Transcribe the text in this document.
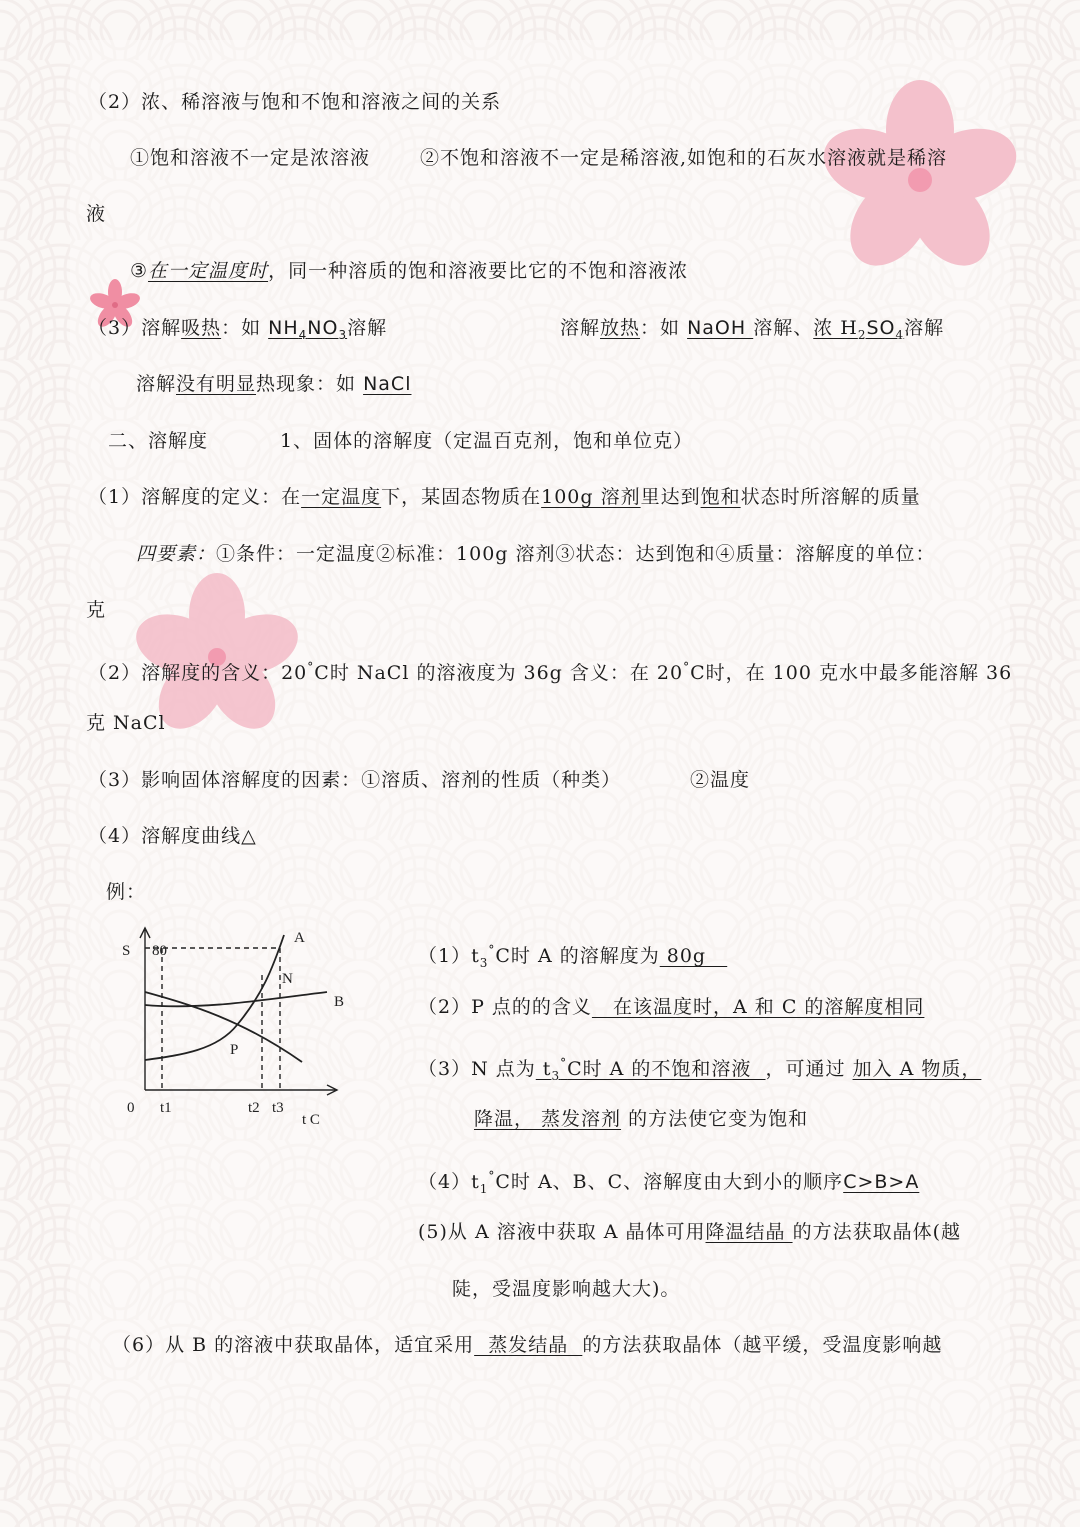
（2）浓、稀溶液与饱和不饱和溶液之间的关系
①饱和溶液不一定是浓溶液	②不饱和溶液不一定是稀溶液,如饱和的石灰水溶液就是稀溶
液
③在一定温度时，同一种溶质的饱和溶液要比它的不饱和溶液浓
（3）溶解吸热：如 $NH_4NO_3$溶解	溶解放热：如 NaOH 溶解、浓 $H_2SO_4$溶解
溶解没有明显热现象：如 NaCl
二、溶解度	1、固体的溶解度（定温百克剂，饱和单位克）
（1）溶解度的定义：在一定温度下，某固态物质在100g 溶剂里达到饱和状态时所溶解的质量
四要素：①条件：一定温度②标准：100g 溶剂③状态：达到饱和④质量：溶解度的单位：
克
（2）溶解度的含义：20°C时 NaCl 的溶液度为 36g 含义：在 20°C时，在 100 克水中最多能溶解 36
克 NaCl
（3）影响固体溶解度的因素：①溶质、溶剂的性质（种类）	②温度
（4）溶解度曲线△
例：
S 80
0 t1	t2 t3
t C
A
B
N
P
$(1)t_3^\circ C$时 A 的溶解度为 80g
（2）P 点的的含义   在该温度时，A 和 C 的溶解度相同
（3）N 点为 $t_3^\circ C$时 A 的不饱和溶液  ，可通过 加入 A 物质，
降温， 蒸发溶剂 的方法使它变为饱和
$(4)t_1^\circ C$时 A、B、C、溶解度由大到小的顺序C>B>A
(5)从 A 溶液中获取 A 晶体可用降温结晶 的方法获取晶体(越
陡，受温度影响越大大)。
（6）从 B 的溶液中获取晶体，适宜采用  蒸发结晶  的方法获取晶体（越平缓，受温度影响越
